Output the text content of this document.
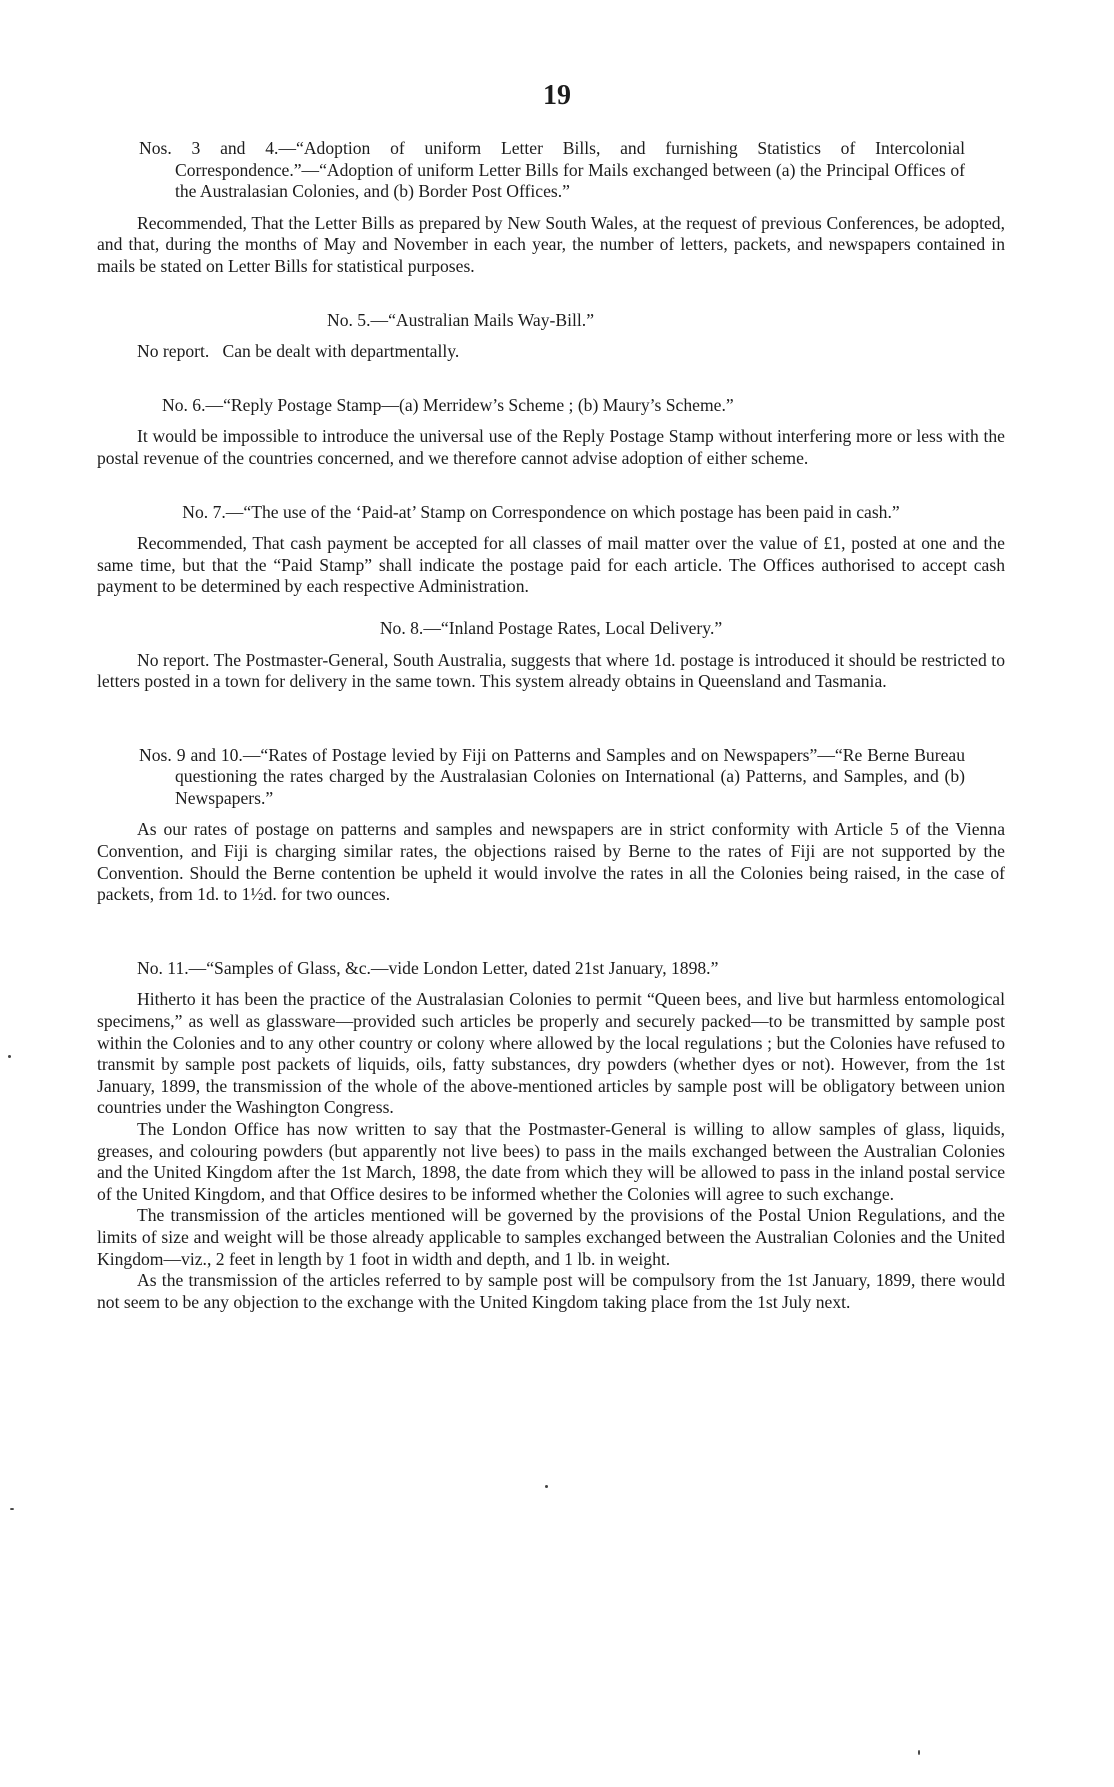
19

Nos. 3 and 4.—“Adoption of uniform Letter Bills, and furnishing Statistics of Intercolonial Correspondence.”—“Adoption of uniform Letter Bills for Mails exchanged between (a) the Principal Offices of the Australasian Colonies, and (b) Border Post Offices.”

Recommended, That the Letter Bills as prepared by New South Wales, at the request of previous Conferences, be adopted, and that, during the months of May and November in each year, the number of letters, packets, and newspapers contained in mails be stated on Letter Bills for statistical purposes.

No. 5.—“Australian Mails Way-Bill.”

No report.   Can be dealt with departmentally.

No. 6.—“Reply Postage Stamp—(a) Merridew’s Scheme ; (b) Maury’s Scheme.”

It would be impossible to introduce the universal use of the Reply Postage Stamp without interfering more or less with the postal revenue of the countries concerned, and we therefore cannot advise adoption of either scheme.

No. 7.—“The use of the ‘Paid-at’ Stamp on Correspondence on which postage has been paid in cash.”

Recommended, That cash payment be accepted for all classes of mail matter over the value of £1, posted at one and the same time, but that the “Paid Stamp” shall indicate the postage paid for each article. The Offices authorised to accept cash payment to be determined by each respective Administration.

No. 8.—“Inland Postage Rates, Local Delivery.”

No report. The Postmaster-General, South Australia, suggests that where 1d. postage is introduced it should be restricted to letters posted in a town for delivery in the same town. This system already obtains in Queensland and Tasmania.

Nos. 9 and 10.—“Rates of Postage levied by Fiji on Patterns and Samples and on Newspapers”—“Re Berne Bureau questioning the rates charged by the Australasian Colonies on International (a) Patterns, and Samples, and (b) Newspapers.”

As our rates of postage on patterns and samples and newspapers are in strict conformity with Article 5 of the Vienna Convention, and Fiji is charging similar rates, the objections raised by Berne to the rates of Fiji are not supported by the Convention. Should the Berne contention be upheld it would involve the rates in all the Colonies being raised, in the case of packets, from 1d. to 1½d. for two ounces.

No. 11.—“Samples of Glass, &c.—vide London Letter, dated 21st January, 1898.”

Hitherto it has been the practice of the Australasian Colonies to permit “Queen bees, and live but harmless entomological specimens,” as well as glassware—provided such articles be properly and securely packed—to be transmitted by sample post within the Colonies and to any other country or colony where allowed by the local regulations ; but the Colonies have refused to transmit by sample post packets of liquids, oils, fatty substances, dry powders (whether dyes or not). However, from the 1st January, 1899, the transmission of the whole of the above-mentioned articles by sample post will be obligatory between union countries under the Washington Congress.

The London Office has now written to say that the Postmaster-General is willing to allow samples of glass, liquids, greases, and colouring powders (but apparently not live bees) to pass in the mails exchanged between the Australian Colonies and the United Kingdom after the 1st March, 1898, the date from which they will be allowed to pass in the inland postal service of the United Kingdom, and that Office desires to be informed whether the Colonies will agree to such exchange.

The transmission of the articles mentioned will be governed by the provisions of the Postal Union Regulations, and the limits of size and weight will be those already applicable to samples exchanged between the Australian Colonies and the United Kingdom—viz., 2 feet in length by 1 foot in width and depth, and 1 lb. in weight.

As the transmission of the articles referred to by sample post will be compulsory from the 1st January, 1899, there would not seem to be any objection to the exchange with the United Kingdom taking place from the 1st July next.
